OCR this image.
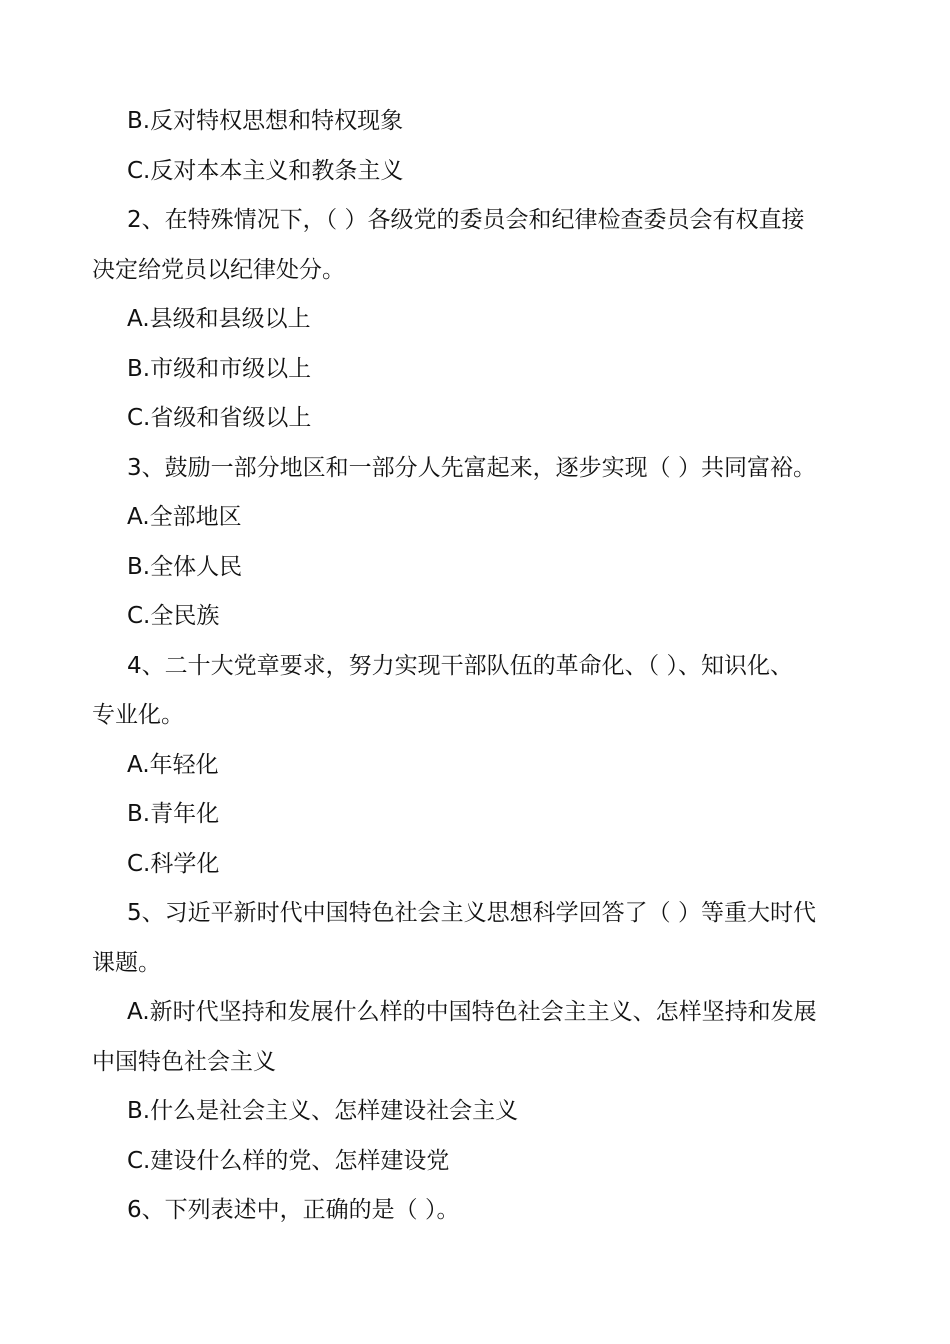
B.反对特权思想和特权现象
C.反对本本主义和教条主义
2、在特殊情况下，（ ）各级党的委员会和纪律检查委员会有权直接
决定给党员以纪律处分。
A.县级和县级以上
B.市级和市级以上
C.省级和省级以上
3、鼓励一部分地区和一部分人先富起来，逐步实现（ ）共同富裕。
A.全部地区
B.全体人民
C.全民族
4、二十大党章要求，努力实现干部队伍的革命化、（ ）、知识化、
专业化。
A.年轻化
B.青年化
C.科学化
5、习近平新时代中国特色社会主义思想科学回答了（ ）等重大时代
课题。
A.新时代坚持和发展什么样的中国特色社会主主义、怎样坚持和发展
中国特色社会主义
B.什么是社会主义、怎样建设社会主义
C.建设什么样的党、怎样建设党
6、下列表述中，正确的是（ ）。
